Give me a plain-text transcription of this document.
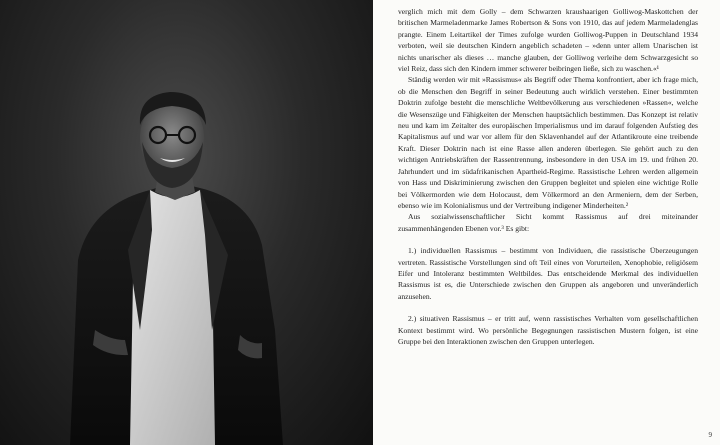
verglich mich mit dem Golly – dem Schwarzen kraushaarigen Golliwog-Maskottchen der britischen Marmeladenmarke James Robertson & Sons von 1910, das auf jedem Marmeladenglas prangte. Einem Leitartikel der Times zufolge wurden Golliwog-Puppen in Deutschland 1934 verboten, weil sie deutschen Kindern angeblich schadeten – »denn unter allem Unarischen ist nichts unarischer als dieses … manche glauben, der Golliwog verleihe dem Schwarzgesicht so viel Reiz, dass sich den Kindern immer schwerer beibringen ließe, sich zu waschen.«¹

Ständig werden wir mit »Rassismus« als Begriff oder Thema konfrontiert, aber ich frage mich, ob die Menschen den Begriff in seiner Bedeutung auch wirklich verstehen. Einer bestimmten Doktrin zufolge besteht die menschliche Weltbevölkerung aus verschiedenen »Rassen«, welche die Wesenszüge und Fähigkeiten der Menschen hauptsächlich bestimmen. Das Konzept ist relativ neu und kam im Zeitalter des europäischen Imperialismus und im darauf folgenden Aufstieg des Kapitalismus auf und war vor allem für den Sklavenhandel auf der Atlantikroute eine treibende Kraft. Dieser Doktrin nach ist eine Rasse allen anderen überlegen. Sie gehört auch zu den wichtigen Antriebskräften der Rassentrennung, insbesondere in den USA im 19. und frühen 20. Jahrhundert und im südafrikanischen Apartheid-Regime. Rassistische Lehren werden allgemein von Hass und Diskriminierung zwischen den Gruppen begleitet und spielen eine wichtige Rolle bei Völkermorden wie dem Holocaust, dem Völkermord an den Armeniern, dem der Serben, ebenso wie im Kolonialismus und der Vertreibung indigener Minderheiten.²

Aus sozialwissenschaftlicher Sicht kommt Rassismus auf drei miteinander zusammenhängenden Ebenen vor.³ Es gibt:

1.) individuellen Rassismus – bestimmt von Individuen, die rassistische Überzeugungen vertreten. Rassistische Vorstellungen sind oft Teil eines von Vorurteilen, Xenophobie, religiösem Eifer und Intoleranz bestimmten Weltbildes. Das entscheidende Merkmal des individuellen Rassismus ist es, die Unterschiede zwischen den Gruppen als angeboren und unveränderlich anzusehen.

2.) situativen Rassismus – er tritt auf, wenn rassistisches Verhalten vom gesellschaftlichen Kontext bestimmt wird. Wo persönliche Begegnungen rassistischen Mustern folgen, ist eine Gruppe bei den Interaktionen zwischen den Gruppen unterlegen.

9
